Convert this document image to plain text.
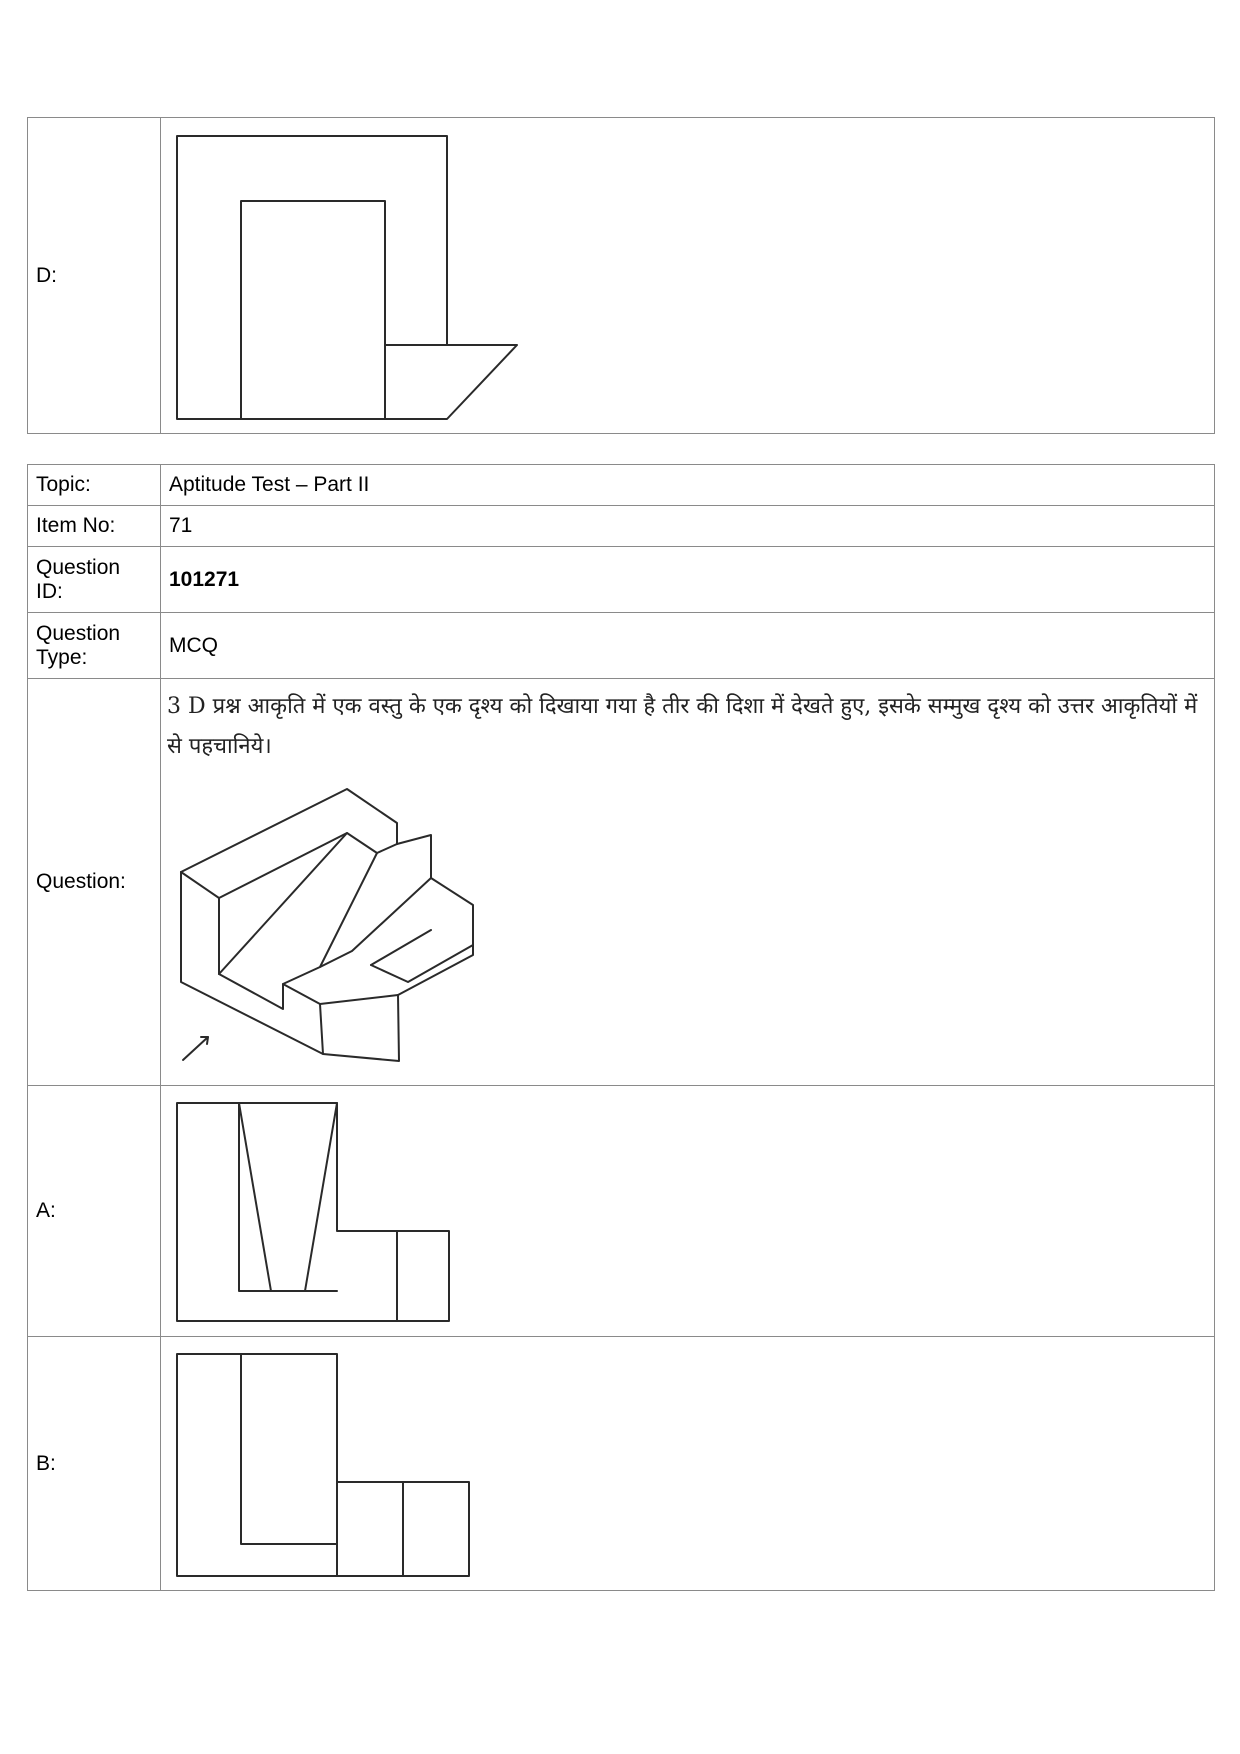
D:	
Topic:	Aptitude Test – Part II
Item No:	71
Question ID:	101271
Question Type:	MCQ
Question:	3 D प्रश्न आकृति में एक वस्तु के एक दृश्य को दिखाया गया है तीर की दिशा में देखते हुए, इसके सम्मुख दृश्य को उत्तर आकृतियों में से पहचानिये।

A:	

B:	
